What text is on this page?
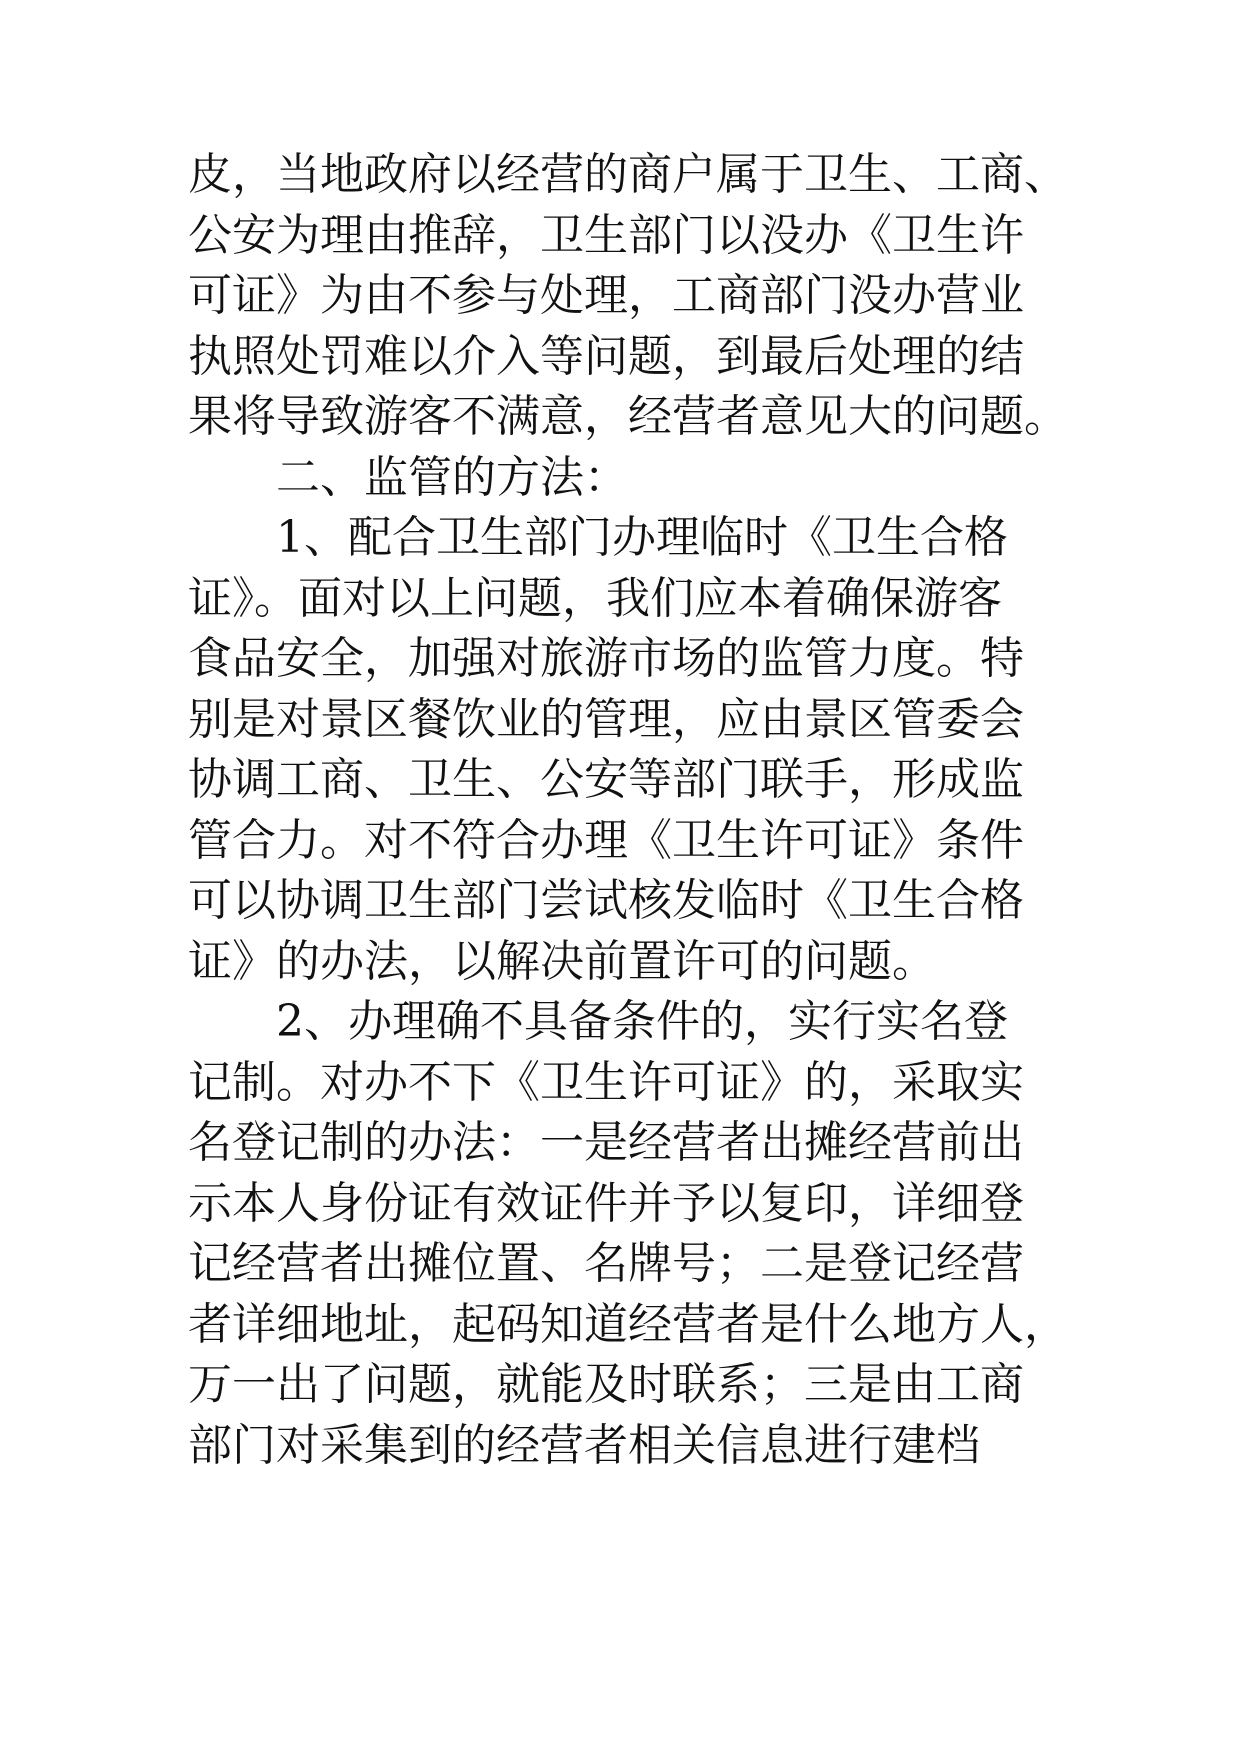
皮，当地政府以经营的商户属于卫生、工商、
公安为理由推辞，卫生部门以没办《卫生许
可证》为由不参与处理，工商部门没办营业
执照处罚难以介入等问题，到最后处理的结
果将导致游客不满意，经营者意见大的问题。
　　二、监管的方法：
　　1、配合卫生部门办理临时《卫生合格
证》。面对以上问题，我们应本着确保游客
食品安全，加强对旅游市场的监管力度。特
别是对景区餐饮业的管理，应由景区管委会
协调工商、卫生、公安等部门联手，形成监
管合力。对不符合办理《卫生许可证》条件
可以协调卫生部门尝试核发临时《卫生合格
证》的办法，以解决前置许可的问题。
　　2、办理确不具备条件的，实行实名登
记制。对办不下《卫生许可证》的，采取实
名登记制的办法：一是经营者出摊经营前出
示本人身份证有效证件并予以复印，详细登
记经营者出摊位置、名牌号；二是登记经营
者详细地址，起码知道经营者是什么地方人，
万一出了问题，就能及时联系；三是由工商
部门对采集到的经营者相关信息进行建档
